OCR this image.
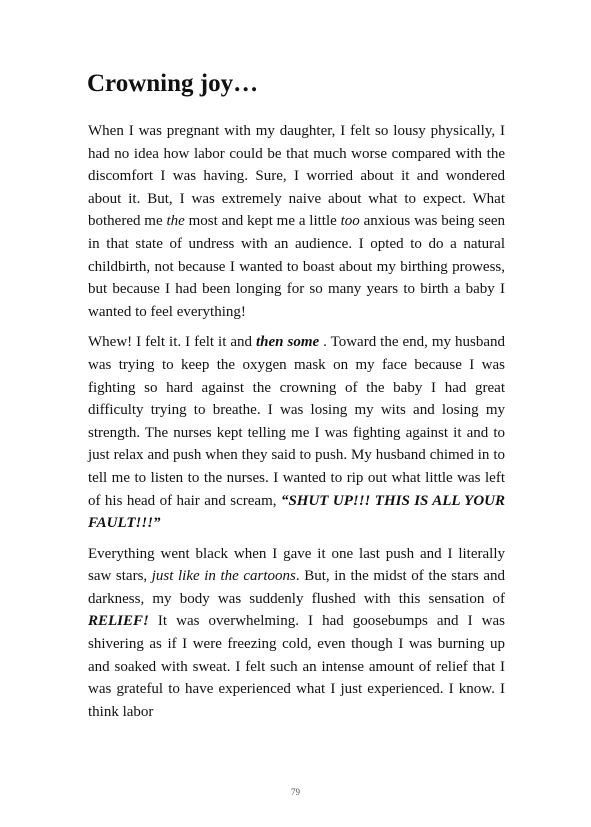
Crowning joy…

When I was pregnant with my daughter, I felt so lousy physically, I had no idea how labor could be that much worse compared with the discomfort I was having. Sure, I worried about it and wondered about it. But, I was extremely naive about what to expect. What bothered me the most and kept me a little too anxious was being seen in that state of undress with an audience. I opted to do a natural childbirth, not because I wanted to boast about my birthing prowess, but because I had been longing for so many years to birth a baby I wanted to feel everything!

Whew! I felt it. I felt it and then some . Toward the end, my husband was trying to keep the oxygen mask on my face because I was fighting so hard against the crowning of the baby I had great difficulty trying to breathe. I was losing my wits and losing my strength. The nurses kept telling me I was fighting against it and to just relax and push when they said to push. My husband chimed in to tell me to listen to the nurses. I wanted to rip out what little was left of his head of hair and scream, “SHUT UP!!! THIS IS ALL YOUR FAULT!!!”

Everything went black when I gave it one last push and I literally saw stars, just like in the cartoons. But, in the midst of the stars and darkness, my body was suddenly flushed with this sensation of RELIEF! It was overwhelming. I had goosebumps and I was shivering as if I were freezing cold, even though I was burning up and soaked with sweat. I felt such an intense amount of relief that I was grateful to have experienced what I just experienced. I know. I think labor

79
